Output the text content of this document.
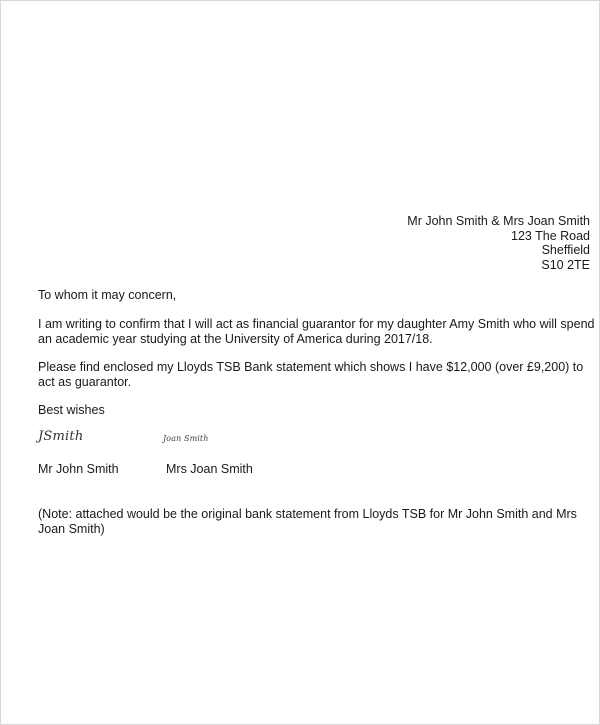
Mr John Smith & Mrs Joan Smith
123 The Road
Sheffield
S10 2TE
To whom it may concern,
I am writing to confirm that I will act as financial guarantor for my daughter Amy Smith who will spend an academic year studying at the University of America during 2017/18.
Please find enclosed my Lloyds TSB Bank statement which shows I have $12,000 (over £9,200) to act as guarantor.
Best wishes
JSmith	Joan Smith
Mr John Smith	Mrs Joan Smith
(Note: attached would be the original bank statement from Lloyds TSB for Mr John Smith and Mrs Joan Smith)
